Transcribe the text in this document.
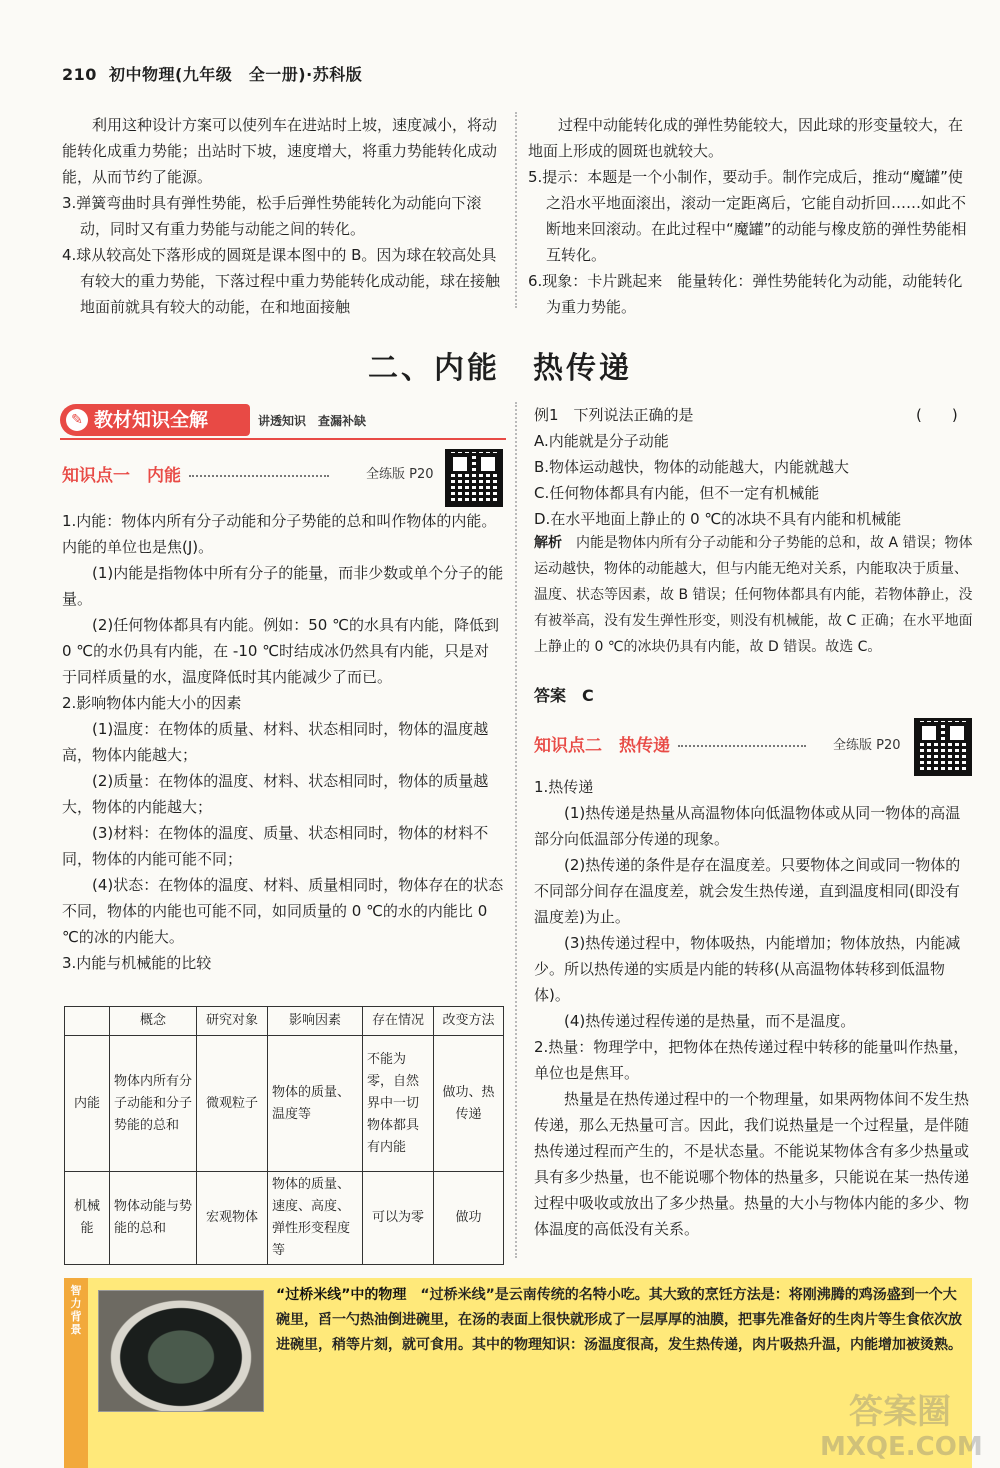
210 初中物理(九年级　全一册)·苏科版

利用这种设计方案可以使列车在进站时上坡，速度减小，将动能转化成重力势能；出站时下坡，速度增大，将重力势能转化成动能，从而节约了能源。

3.弹簧弯曲时具有弹性势能，松手后弹性势能转化为动能向下滚动，同时又有重力势能与动能之间的转化。

4.球从较高处下落形成的圆斑是课本图中的 B。因为球在较高处具有较大的重力势能，下落过程中重力势能转化成动能，球在接触地面前就具有较大的动能，在和地面接触

过程中动能转化成的弹性势能较大，因此球的形变量较大，在地面上形成的圆斑也就较大。

5.提示：本题是一个小制作，要动手。制作完成后，推动“魔罐”使之沿水平地面滚出，滚动一定距离后，它能自动折回……如此不断地来回滚动。在此过程中“魔罐”的动能与橡皮筋的弹性势能相互转化。

6.现象：卡片跳起来　能量转化：弹性势能转化为动能，动能转化为重力势能。

二、内能　热传递
✎ 教材知识全解	讲透知识　查漏补缺
知识点一　内能	全练版 P20

1.内能：物体内所有分子动能和分子势能的总和叫作物体的内能。内能的单位也是焦(J)。

(1)内能是指物体中所有分子的能量，而非少数或单个分子的能量。

(2)任何物体都具有内能。例如：50 ℃的水具有内能，降低到 0 ℃的水仍具有内能，在 -10 ℃时结成冰仍然具有内能，只是对于同样质量的水，温度降低时其内能减少了而已。

2.影响物体内能大小的因素

(1)温度：在物体的质量、材料、状态相同时，物体的温度越高，物体内能越大；

(2)质量：在物体的温度、材料、状态相同时，物体的质量越大，物体的内能越大；

(3)材料：在物体的温度、质量、状态相同时，物体的材料不同，物体的内能可能不同；

(4)状态：在物体的温度、材料、质量相同时，物体存在的状态不同，物体的内能也可能不同，如同质量的 0 ℃的水的内能比 0 ℃的冰的内能大。

3.内能与机械能的比较

	概念	研究对象	影响因素	存在情况	改变方法
内能	物体内所有分子动能和分子势能的总和	微观粒子	物体的质量、温度等	不能为零，自然界中一切物体都具有内能	做功、热传递
机械能	物体动能与势能的总和	宏观物体	物体的质量、速度、高度、弹性形变程度等	可以为零	做功

例1　下列说法正确的是

A.内能就是分子动能

B.物体运动越快，物体的动能越大，内能就越大

C.任何物体都具有内能，但不一定有机械能

D.在水平地面上静止的 0 ℃的冰块不具有内能和机械能

(　　)
解析　 内能是物体内所有分子动能和分子势能的总和，故 A 错误；物体运动越快，物体的动能越大，但与内能无绝对关系，内能取决于质量、温度、状态等因素，故 B 错误；任何物体都具有内能，若物体静止，没有被举高，没有发生弹性形变，则没有机械能，故 C 正确；在水平地面上静止的 0 ℃的冰块仍具有内能，故 D 错误。故选 C。
答案　 C
知识点二　热传递	全练版 P20

1.热传递

(1)热传递是热量从高温物体向低温物体或从同一物体的高温部分向低温部分传递的现象。

(2)热传递的条件是存在温度差。只要物体之间或同一物体的不同部分间存在温度差，就会发生热传递，直到温度相同(即没有温度差)为止。

(3)热传递过程中，物体吸热，内能增加；物体放热，内能减少。所以热传递的实质是内能的转移(从高温物体转移到低温物体)。

(4)热传递过程传递的是热量，而不是温度。

2.热量：物理学中，把物体在热传递过程中转移的能量叫作热量，单位也是焦耳。

热量是在热传递过程中的一个物理量，如果两物体间不发生热传递，那么无热量可言。因此，我们说热量是一个过程量，是伴随热传递过程而产生的，不是状态量。不能说某物体含有多少热量或具有多少热量，也不能说哪个物体的热量多，只能说在某一热传递过程中吸收或放出了多少热量。热量的大小与物体内能的多少、物体温度的高低没有关系。

智力背景
“过桥米线”中的物理　 “过桥米线”是云南传统的名特小吃。其大致的烹饪方法是：将刚沸腾的鸡汤盛到一个大碗里，舀一勺热油倒进碗里，在汤的表面上很快就形成了一层厚厚的油膜，把事先准备好的生肉片等生食依次放进碗里，稍等片刻，就可食用。其中的物理知识：汤温度很高，发生热传递，肉片吸热升温，内能增加被烫熟。
答案圈
MXQE.COM
